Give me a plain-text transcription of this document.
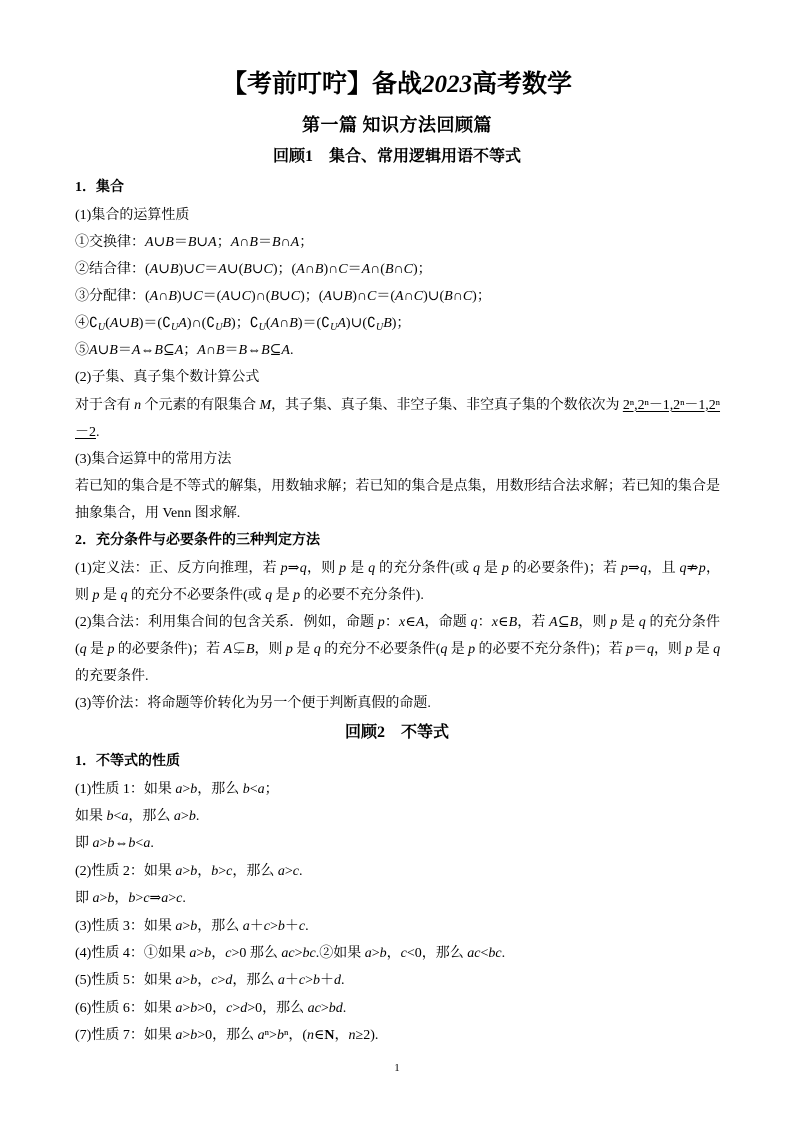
【考前叮咛】备战2023高考数学
第一篇 知识方法回顾篇
回顾1　集合、常用逻辑用语不等式
1．集合
(1)集合的运算性质
①交换律：A∪B＝B∪A；A∩B＝B∩A；
②结合律：(A∪B)∪C＝A∪(B∪C)；(A∩B)∩C＝A∩(B∩C)；
③分配律：(A∩B)∪C＝(A∪C)∩(B∪C)；(A∪B)∩C＝(A∩C)∪(B∩C)；
$④∁_U(A\cup B)=(∁_UA)\cap(∁_UB)$；$∁_U(A\cap B)=(∁_UA)\cup(∁_UB)$；
⑤A∪B＝A⇔B⊆A；A∩B＝B⇔B⊆A.
(2)子集、真子集个数计算公式
对于含有 n 个元素的有限集合 M，其子集、真子集、非空子集、非空真子集的个数依次为 2ⁿ,2ⁿ－1,2ⁿ－1,2ⁿ
－2.
(3)集合运算中的常用方法
若已知的集合是不等式的解集，用数轴求解；若已知的集合是点集，用数形结合法求解；若已知的集合是
抽象集合，用 Venn 图求解.
2．充分条件与必要条件的三种判定方法
(1)定义法：正、反方向推理，若 p⇒q，则 p 是 q 的充分条件(或 q 是 p 的必要条件)；若 p⇒q，且 q⇏p，
则 p 是 q 的充分不必要条件(或 q 是 p 的必要不充分条件).
(2)集合法：利用集合间的包含关系．例如，命题 p：x∈A，命题 q：x∈B，若 A⊆B，则 p 是 q 的充分条件
(q 是 p 的必要条件)；若 A⊊B，则 p 是 q 的充分不必要条件(q 是 p 的必要不充分条件)；若 p＝q，则 p 是 q
的充要条件.
(3)等价法：将命题等价转化为另一个便于判断真假的命题.
回顾2　不等式
1．不等式的性质
(1)性质 1：如果 a>b，那么 b<a；
如果 b<a，那么 a>b.
即 a>b⇔b<a.
(2)性质 2：如果 a>b，b>c，那么 a>c.
即 a>b，b>c⇒a>c.
(3)性质 3：如果 a>b，那么 a＋c>b＋c.
(4)性质 4：①如果 a>b，c>0 那么 ac>bc.②如果 a>b，c<0，那么 ac<bc.
(5)性质 5：如果 a>b，c>d，那么 a＋c>b＋d.
(6)性质 6：如果 a>b>0，c>d>0，那么 ac>bd.
(7)性质 7：如果 a>b>0，那么 aⁿ>bⁿ，(n∈N，n≥2).
1
